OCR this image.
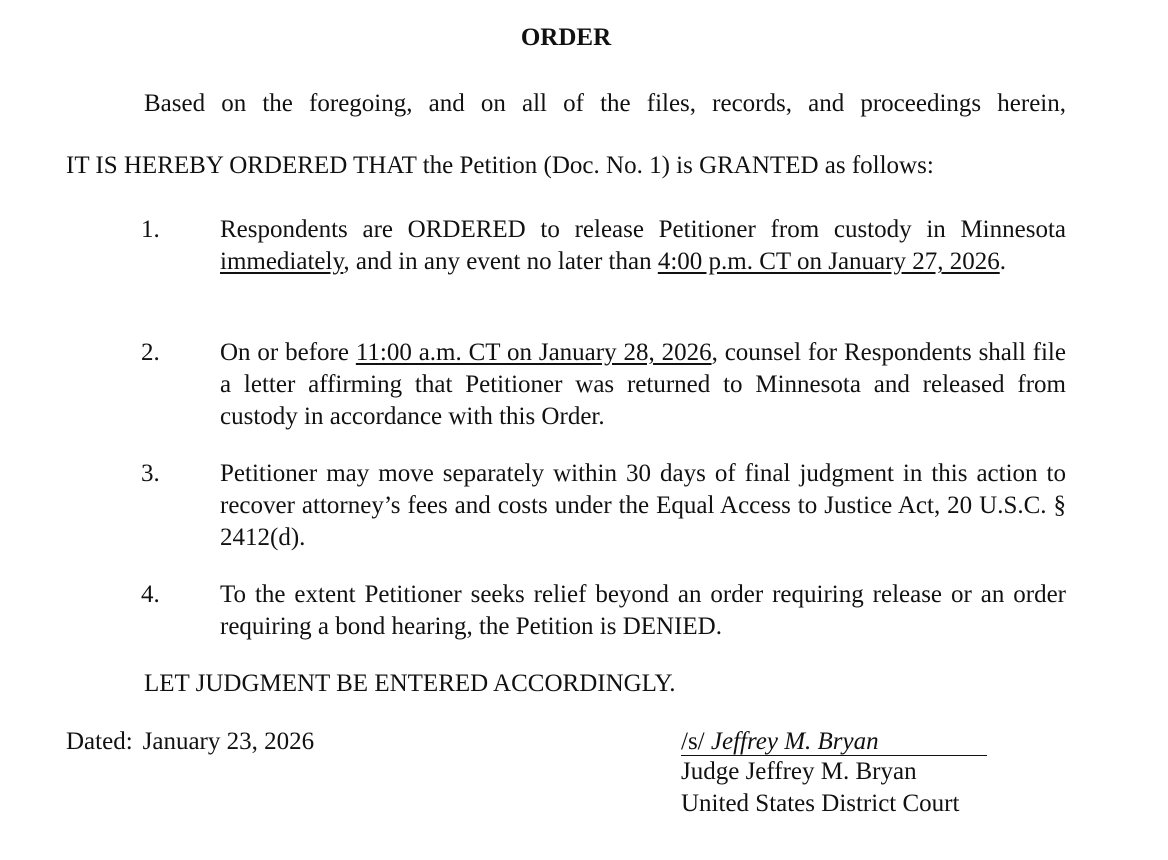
ORDER

Based on the foregoing, and on all of the files, records, and proceedings herein,

IT IS HEREBY ORDERED THAT the Petition (Doc. No. 1) is GRANTED as follows:

1. Respondents are ORDERED to release Petitioner from custody in Minnesota immediately, and in any event no later than 4:00 p.m. CT on January 27, 2026.

2. On or before 11:00 a.m. CT on January 28, 2026, counsel for Respondents shall file a letter affirming that Petitioner was returned to Minnesota and released from custody in accordance with this Order.

3. Petitioner may move separately within 30 days of final judgment in this action to recover attorney’s fees and costs under the Equal Access to Justice Act, 20 U.S.C. § 2412(d).

4. To the extent Petitioner seeks relief beyond an order requiring release or an order requiring a bond hearing, the Petition is DENIED.

LET JUDGMENT BE ENTERED ACCORDINGLY.

Dated: January 23, 2026	/s/ Jeffrey M. Bryan
Judge Jeffrey M. Bryan
United States District Court
